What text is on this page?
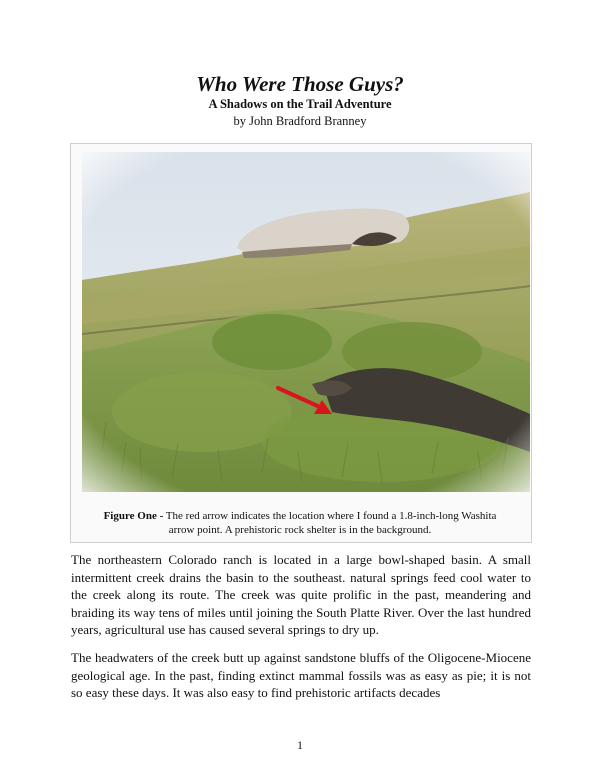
Who Were Those Guys?
A Shadows on the Trail Adventure
by John Bradford Branney
Figure One - The red arrow indicates the location where I found a 1.8-inch-long Washita arrow point. A prehistoric rock shelter is in the background.

The northeastern Colorado ranch is located in a large bowl-shaped basin. A small intermittent creek drains the basin to the southeast. natural springs feed cool water to the creek along its route. The creek was quite prolific in the past, meandering and braiding its way tens of miles until joining the South Platte River. Over the last hundred years, agricultural use has caused several springs to dry up.

The headwaters of the creek butt up against sandstone bluffs of the Oligocene-Miocene geological age. In the past, finding extinct mammal fossils was as easy as pie; it is not so easy these days. It was also easy to find prehistoric artifacts decades

1
